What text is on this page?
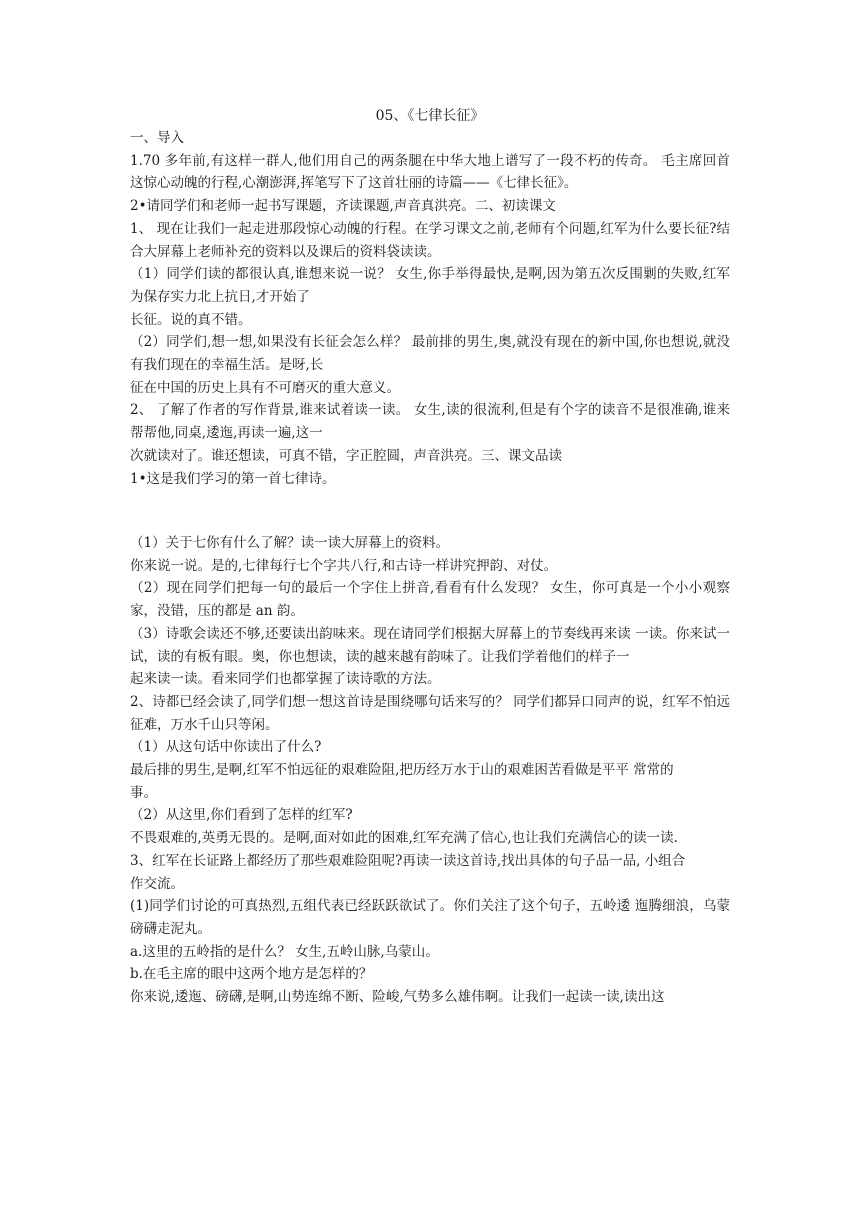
05、《七律长征》

一、导入

1.70 多年前,有这样一群人,他们用自己的两条腿在中华大地上谱写了一段不朽的传奇。 毛主席回首这惊心动魄的行程,心潮澎湃,挥笔写下了这首壮丽的诗篇——《七律长征》。

2•请同学们和老师一起书写课题，齐读课题,声音真洪亮。二、初读课文

1、 现在让我们一起走进那段惊心动魄的行程。在学习课文之前,老师有个问题,红军为什么要长征?结合大屏幕上老师补充的资料以及课后的资料袋读读。

（1）同学们读的都很认真,谁想来说一说？ 女生,你手举得最快,是啊,因为第五次反围剿的失败,红军为保存实力北上抗日,才开始了

长征。说的真不错。

（2）同学们,想一想,如果没有长征会怎么样？ 最前排的男生,奥,就没有现在的新中国,你也想说,就没有我们现在的幸福生活。是呀,长

征在中国的历史上具有不可磨灭的重大意义。

2、 了解了作者的写作背景,谁来试着读一读。 女生,读的很流利,但是有个字的读音不是很准确,谁来帮帮他,同桌,逶迤,再读一遍,这一

次就读对了。谁还想读，可真不错，字正腔圆，声音洪亮。三、课文品读

1•这是我们学习的第一首七律诗。

（1）关于七你有什么了解？读一读大屏幕上的资料。

你来说一说。是的,七律每行七个字共八行,和古诗一样讲究押韵、对仗。

（2）现在同学们把每一句的最后一个字住上拼音,看看有什么发现？ 女生，你可真是一个小小观察家，没错，压的都是 an 韵。

（3）诗歌会读还不够,还要读出韵味来。现在请同学们根据大屏幕上的节奏线再来读 一读。你来试一试，读的有板有眼。奥，你也想读，读的越来越有韵味了。让我们学着他们的样子一

起来读一读。看来同学们也都掌握了读诗歌的方法。

2、诗都已经会读了,同学们想一想这首诗是围绕哪句话来写的？ 同学们都异口同声的说，红军不怕远征难，万水千山只等闲。

（1）从这句话中你读出了什么?

最后排的男生,是啊,红军不怕远征的艰难险阻,把历经万水于山的艰难困苦看做是平平 常常的

事。

（2）从这里,你们看到了怎样的红军?

不畏艰难的,英勇无畏的。是啊,面对如此的困难,红军充满了信心,也让我们充满信心的读一读.

3、红军在长证路上都经历了那些艰难险阻呢?再读一读这首诗,找出具体的句子品一品, 小组合

作交流。

(1)同学们讨论的可真热烈,五组代表已经跃跃欲试了。你们关注了这个句子，五岭逶 迤腾细浪，乌蒙磅礴走泥丸。

a.这里的五岭指的是什么？ 女生,五岭山脉,乌蒙山。

b.在毛主席的眼中这两个地方是怎样的？

你来说,逶迤、磅礴,是啊,山势连绵不断、险峻,气势多么雄伟啊。让我们一起读一读,读出这
